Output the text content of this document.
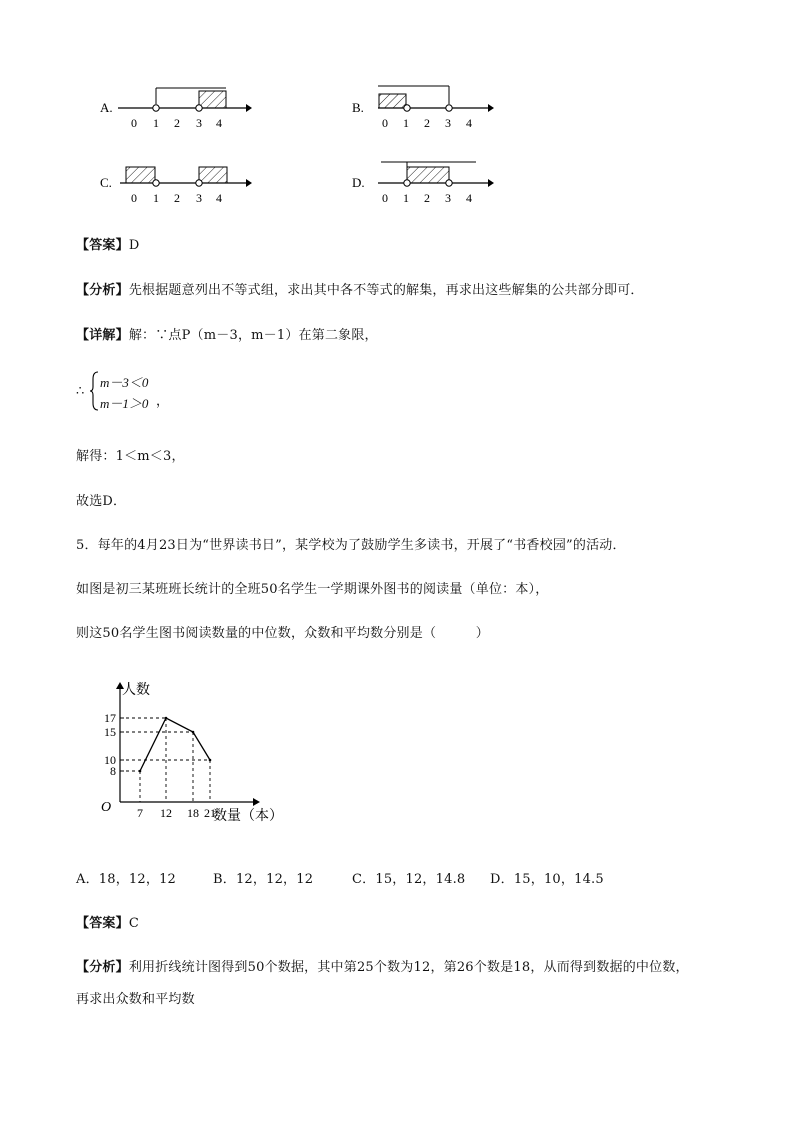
A.
0 1 2 3 4
B.
0 1 2 3 4
C.
0 1 2 3 4
D.
0 1 2 3 4
【答案】D
【分析】先根据题意列出不等式组，求出其中各不等式的解集，再求出这些解集的公共部分即可．
【详解】解：∵点P（m－3，m－1）在第二象限，
∴
m－3＜0
m－1＞0 ，
解得：1＜m＜3，
故选D．
5．每年的4月23日为“世界读书日”，某学校为了鼓励学生多读书，开展了“书香校园”的活动．
如图是初三某班班长统计的全班50名学生一学期课外图书的阅读量（单位：本），
则这50名学生图书阅读数量的中位数，众数和平均数分别是（　　　）
人数
数量（本）
O
8
10
15
17
7 12 18 21
A．18，12，12	B．12，12，12	C．15，12，14.8 D．15，10，14.5
【答案】C
【分析】利用折线统计图得到50个数据，其中第25个数为12，第26个数是18，从而得到数据的中位数，
再求出众数和平均数
